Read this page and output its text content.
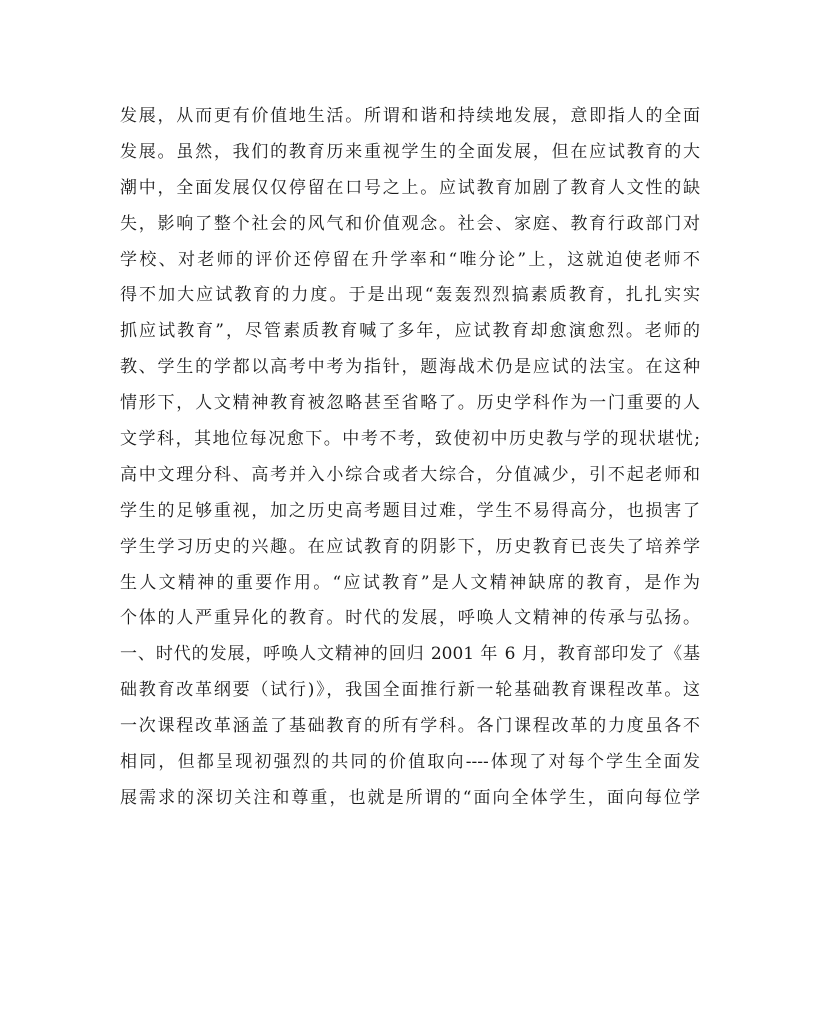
发展，从而更有价值地生活。所谓和谐和持续地发展，意即指人的全面
发展。虽然，我们的教育历来重视学生的全面发展，但在应试教育的大
潮中，全面发展仅仅停留在口号之上。应试教育加剧了教育人文性的缺
失，影响了整个社会的风气和价值观念。社会、家庭、教育行政部门对
学校、对老师的评价还停留在升学率和“唯分论”上，这就迫使老师不
得不加大应试教育的力度。于是出现“轰轰烈烈搞素质教育，扎扎实实
抓应试教育”，尽管素质教育喊了多年，应试教育却愈演愈烈。老师的
教、学生的学都以高考中考为指针，题海战术仍是应试的法宝。在这种
情形下，人文精神教育被忽略甚至省略了。历史学科作为一门重要的人
文学科，其地位每况愈下。中考不考，致使初中历史教与学的现状堪忧;
高中文理分科、高考并入小综合或者大综合，分值减少，引不起老师和
学生的足够重视，加之历史高考题目过难，学生不易得高分，也损害了
学生学习历史的兴趣。在应试教育的阴影下，历史教育已丧失了培养学
生人文精神的重要作用。“应试教育”是人文精神缺席的教育，是作为
个体的人严重异化的教育。时代的发展，呼唤人文精神的传承与弘扬。
一、时代的发展，呼唤人文精神的回归 2001 年 6 月，教育部印发了《基
础教育改革纲要（试行)》，我国全面推行新一轮基础教育课程改革。这
一次课程改革涵盖了基础教育的所有学科。各门课程改革的力度虽各不
相同，但都呈现初强烈的共同的价值取向----体现了对每个学生全面发
展需求的深切关注和尊重，也就是所谓的“面向全体学生，面向每位学
